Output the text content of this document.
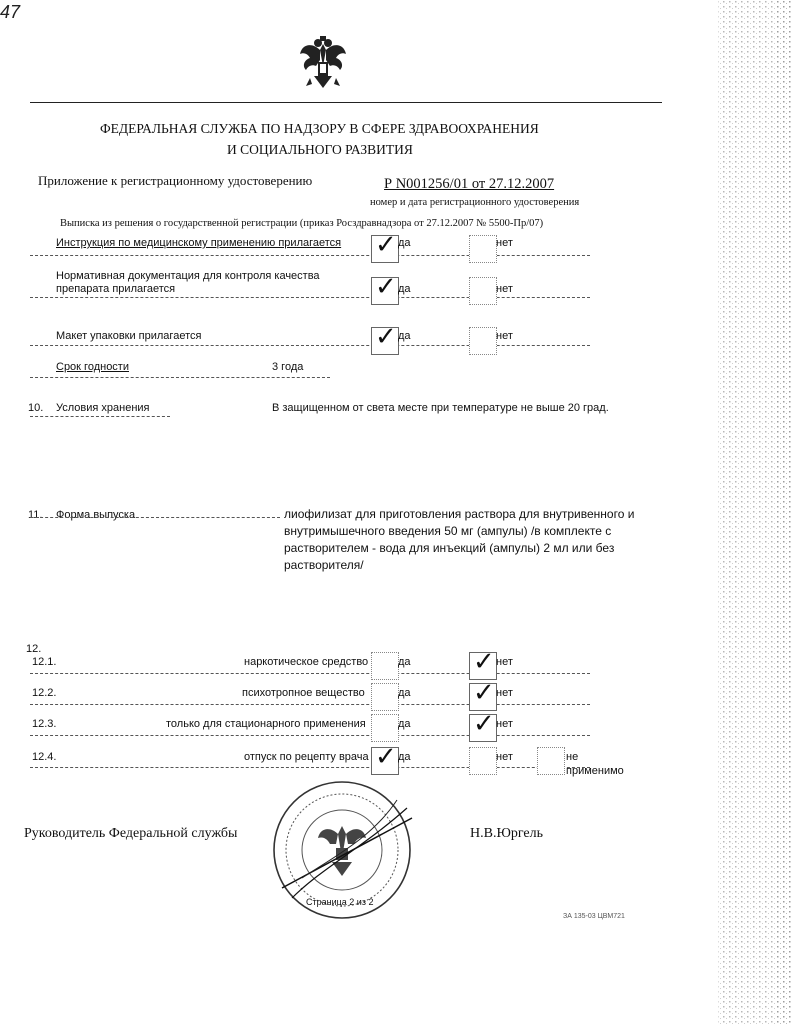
47
ФЕДЕРАЛЬНАЯ СЛУЖБА ПО НАДЗОРУ В СФЕРЕ ЗДРАВООХРАНЕНИЯ
И СОЦИАЛЬНОГО РАЗВИТИЯ
Приложение к регистрационному удостоверению	Р N001256/01 от 27.12.2007
номер и дата регистрационного удостоверения
Выписка из решения о государственной регистрации (приказ Росздравнадзора от 27.12.2007 № 5500-Пр/07)
Инструкция по медицинскому применению прилагается ✓ да	нет
Нормативная документация для контроля качества
препарата прилагается	✓ да	нет
Макет упаковки прилагается	✓ да	нет
Срок годности	3 года
10. Условия хранения	В защищенном от света месте при температуре не выше 20 град.
11. Форма выпуска	лиофилизат для приготовления раствора для внутривенного и
внутримышечного введения 50 мг (ампулы) /в комплекте с
растворителем - вода для инъекций (ампулы) 2 мл или без
растворителя/
12.
12.1.	наркотическое средство	да ✓ нет
12.2.	психотропное вещество	да ✓ нет
12.3.	только для стационарного применения	да ✓ нет
12.4.	отпуск по рецепту врача ✓ да	нет	не
применимо
Руководитель Федеральной службы	Н.В.Юргель
Страница 2 из 2
ЗА 135-03 ЦВМ721
